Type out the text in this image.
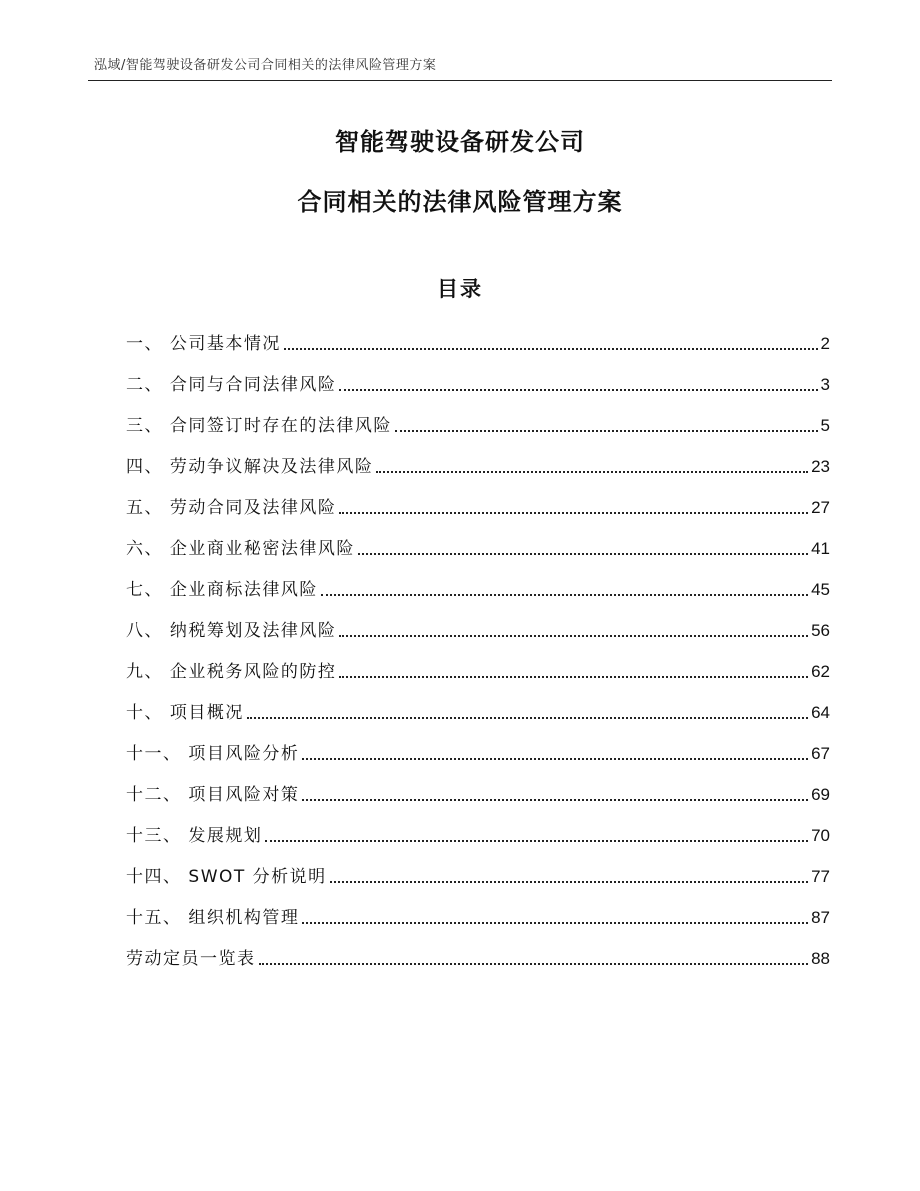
泓域/智能驾驶设备研发公司合同相关的法律风险管理方案
智能驾驶设备研发公司
合同相关的法律风险管理方案
目录
一、 公司基本情况	2
二、 合同与合同法律风险	3
三、 合同签订时存在的法律风险	5
四、 劳动争议解决及法律风险	23
五、 劳动合同及法律风险	27
六、 企业商业秘密法律风险	41
七、 企业商标法律风险	45
八、 纳税筹划及法律风险	56
九、 企业税务风险的防控	62
十、 项目概况	64
十一、 项目风险分析	67
十二、 项目风险对策	69
十三、 发展规划	70
十四、 SWOT 分析说明	77
十五、 组织机构管理	87
劳动定员一览表	88
